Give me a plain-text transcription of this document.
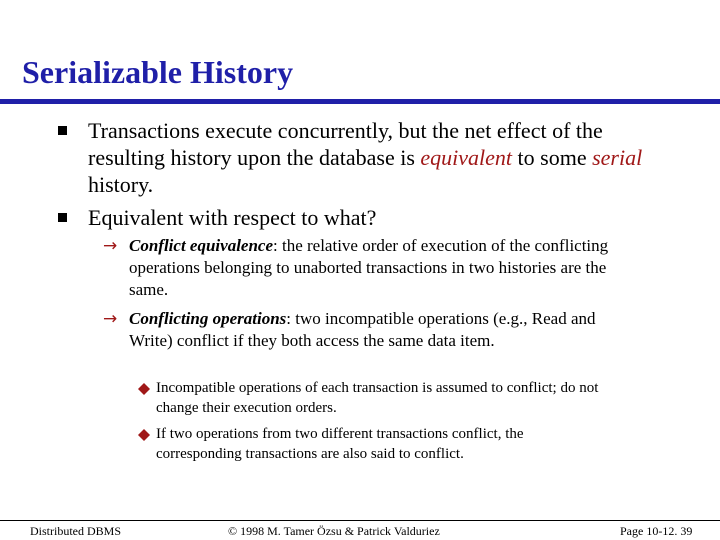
Serializable History
Transactions execute concurrently, but the net effect of the resulting history upon the database is equivalent to some serial history.
Equivalent with respect to what?
→ Conflict equivalence: the relative order of execution of the conflicting operations belonging to unaborted transactions in two histories are the same.
→ Conflicting operations: two incompatible operations (e.g., Read and Write) conflict if they both access the same data item.
Incompatible operations of each transaction is assumed to conflict; do not change their execution orders.
If two operations from two different transactions conflict, the corresponding transactions are also said to conflict.
Distributed DBMS	© 1998 M. Tamer Özsu & Patrick Valduriez	Page 10-12. 39
